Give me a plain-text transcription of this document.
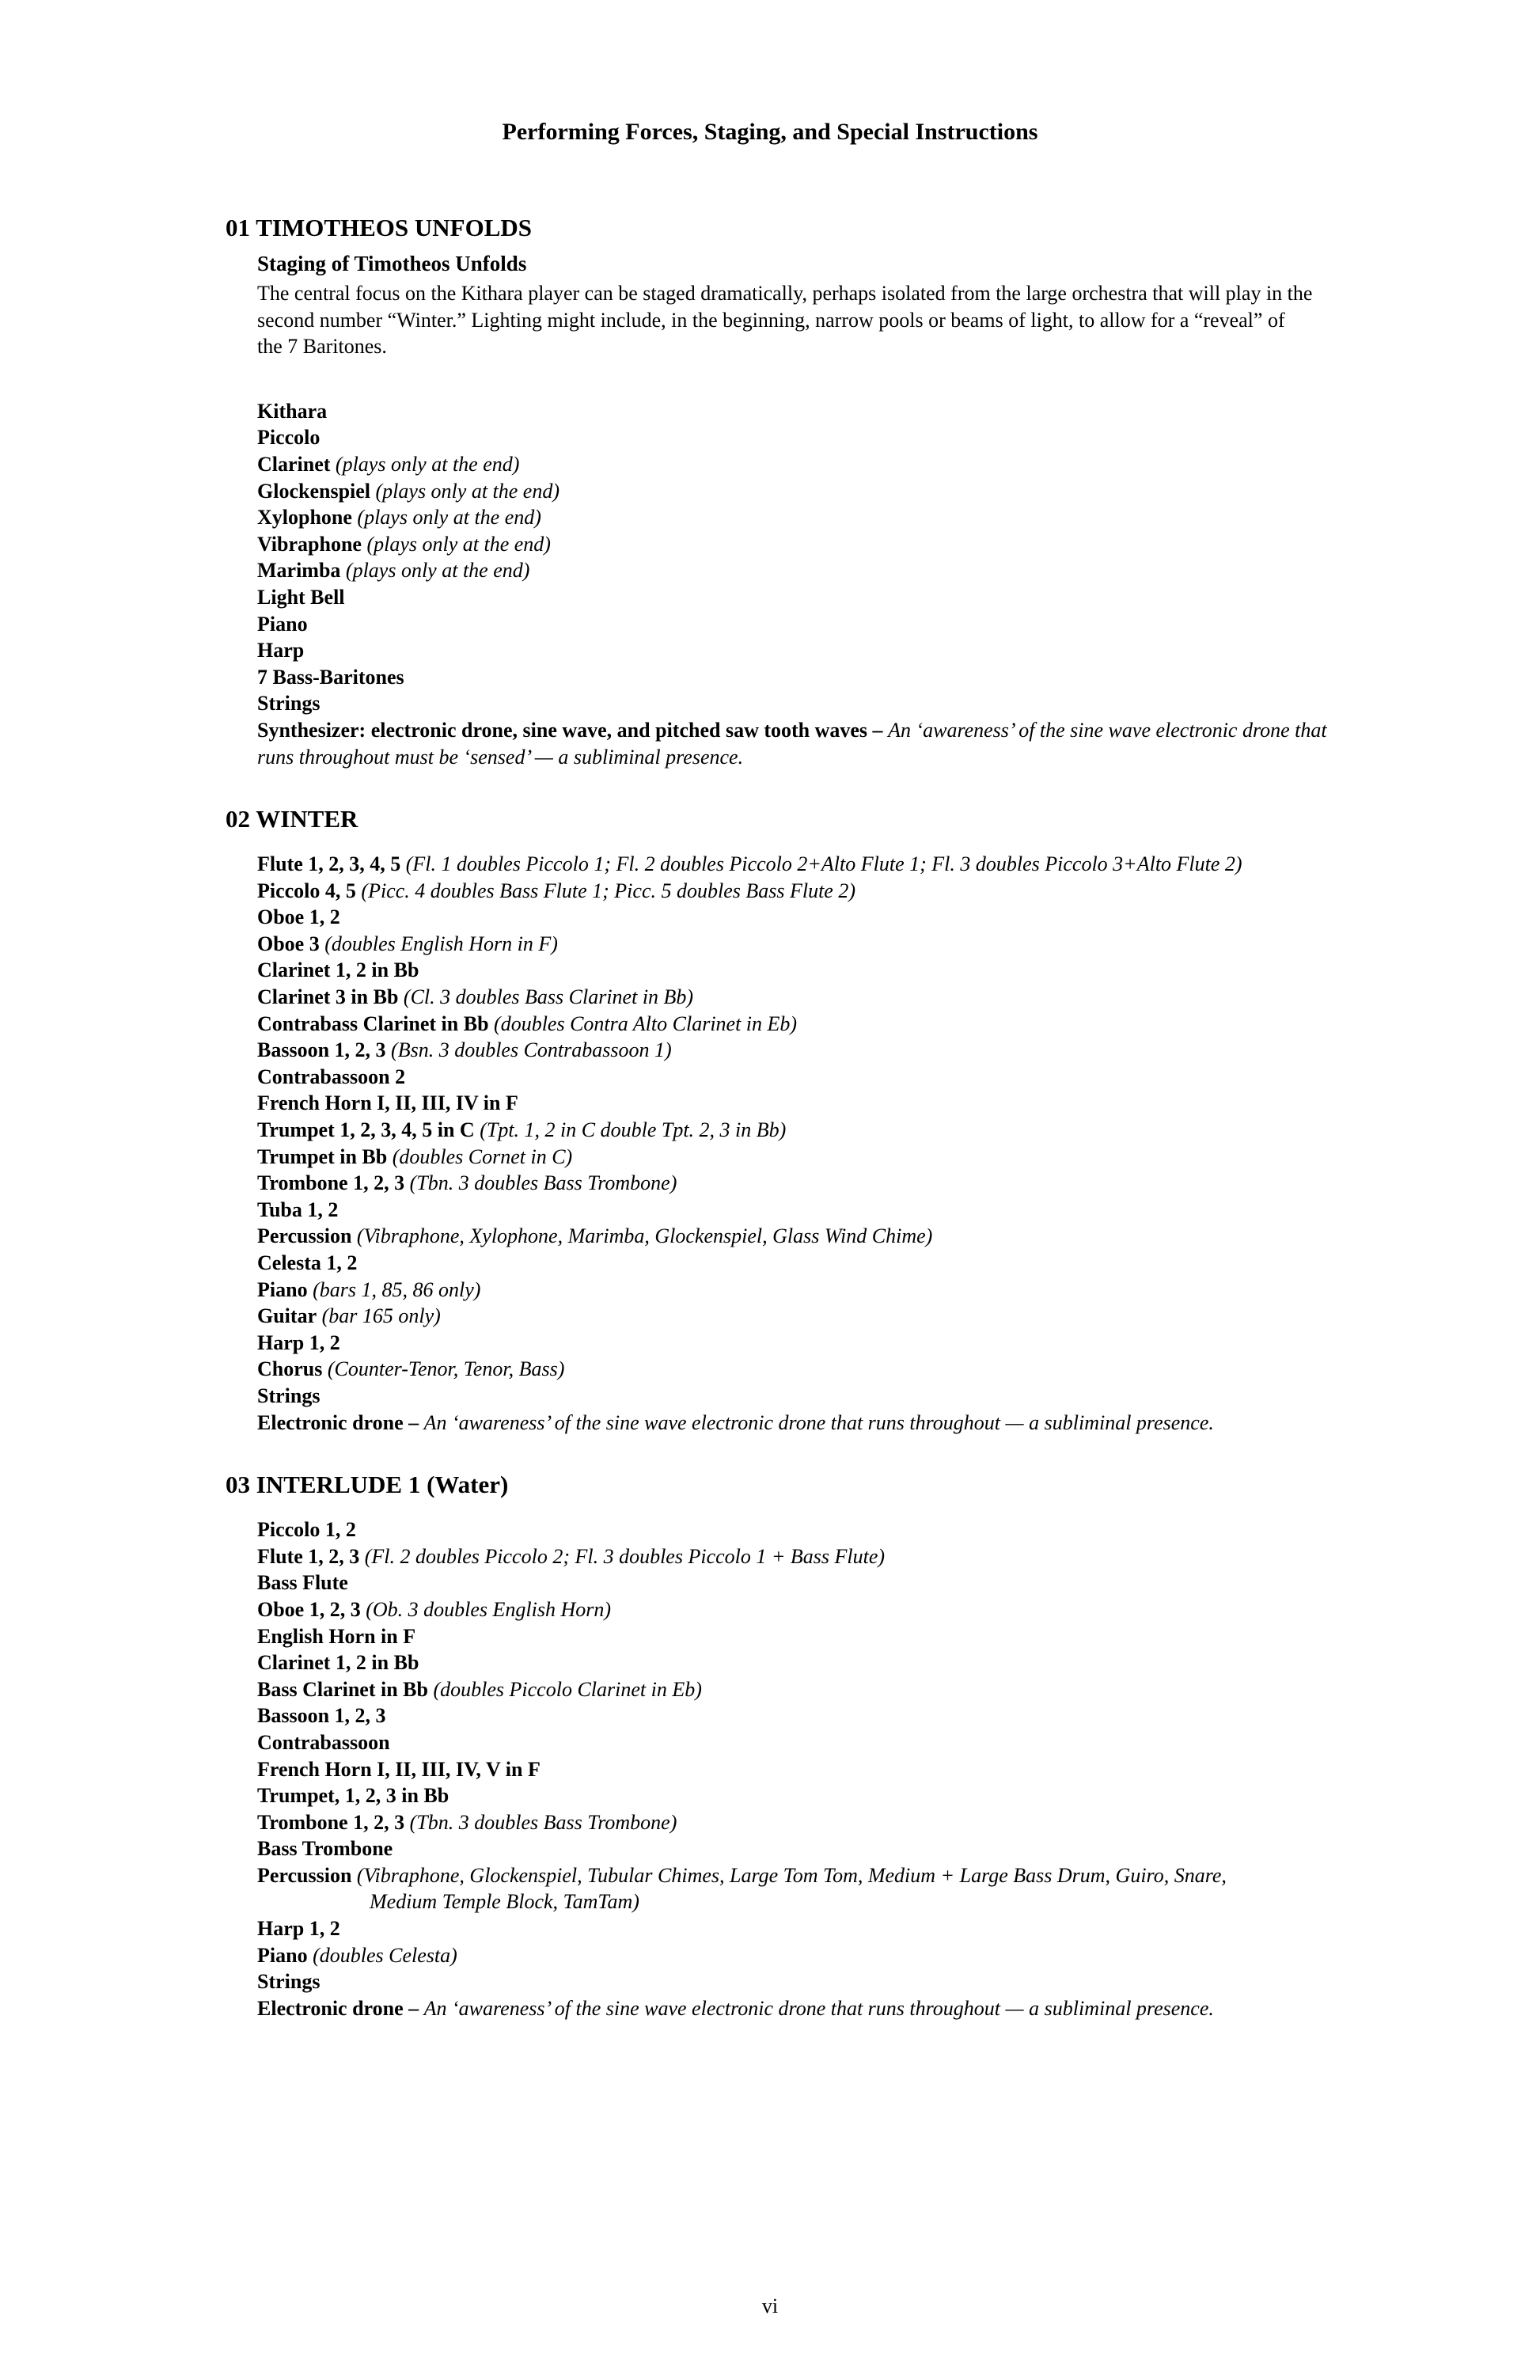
Performing Forces, Staging, and Special Instructions
01 TIMOTHEOS UNFOLDS
Staging of Timotheos Unfolds
The central focus on the Kithara player can be staged dramatically, perhaps isolated from the large orchestra that will play in the second number “Winter.” Lighting might include, in the beginning, narrow pools or beams of light, to allow for a “reveal” of the 7 Baritones.
Kithara
Piccolo
Clarinet (plays only at the end)
Glockenspiel (plays only at the end)
Xylophone (plays only at the end)
Vibraphone (plays only at the end)
Marimba (plays only at the end)
Light Bell
Piano
Harp
7 Bass-Baritones
Strings
Synthesizer: electronic drone, sine wave, and pitched saw tooth waves – An ‘awareness’ of the sine wave electronic drone that runs throughout must be ‘sensed’ — a subliminal presence.
02 WINTER
Flute 1, 2, 3, 4, 5 (Fl. 1 doubles Piccolo 1; Fl. 2 doubles Piccolo 2+Alto Flute 1; Fl. 3 doubles Piccolo 3+Alto Flute 2)
Piccolo 4, 5 (Picc. 4 doubles Bass Flute 1; Picc. 5 doubles Bass Flute 2)
Oboe 1, 2
Oboe 3 (doubles English Horn in F)
Clarinet 1, 2 in Bb
Clarinet 3 in Bb (Cl. 3 doubles Bass Clarinet in Bb)
Contrabass Clarinet in Bb (doubles Contra Alto Clarinet in Eb)
Bassoon 1, 2, 3 (Bsn. 3 doubles Contrabassoon 1)
Contrabassoon 2
French Horn I, II, III, IV in F
Trumpet 1, 2, 3, 4, 5 in C (Tpt. 1, 2 in C double Tpt. 2, 3 in Bb)
Trumpet in Bb (doubles Cornet in C)
Trombone 1, 2, 3 (Tbn. 3 doubles Bass Trombone)
Tuba 1, 2
Percussion (Vibraphone, Xylophone, Marimba, Glockenspiel, Glass Wind Chime)
Celesta 1, 2
Piano (bars 1, 85, 86 only)
Guitar (bar 165 only)
Harp 1, 2
Chorus (Counter-Tenor, Tenor, Bass)
Strings
Electronic drone – An ‘awareness’ of the sine wave electronic drone that runs throughout — a subliminal presence.
03 INTERLUDE 1 (Water)
Piccolo 1, 2
Flute 1, 2, 3 (Fl. 2 doubles Piccolo 2; Fl. 3 doubles Piccolo 1 + Bass Flute)
Bass Flute
Oboe 1, 2, 3 (Ob. 3 doubles English Horn)
English Horn in F
Clarinet 1, 2 in Bb
Bass Clarinet in Bb (doubles Piccolo Clarinet in Eb)
Bassoon 1, 2, 3
Contrabassoon
French Horn I, II, III, IV, V in F
Trumpet, 1, 2, 3 in Bb
Trombone 1, 2, 3 (Tbn. 3 doubles Bass Trombone)
Bass Trombone
Percussion (Vibraphone, Glockenspiel, Tubular Chimes, Large Tom Tom, Medium + Large Bass Drum, Guiro, Snare,
Medium Temple Block, TamTam)
Harp 1, 2
Piano (doubles Celesta)
Strings
Electronic drone – An ‘awareness’ of the sine wave electronic drone that runs throughout — a subliminal presence.
vi
